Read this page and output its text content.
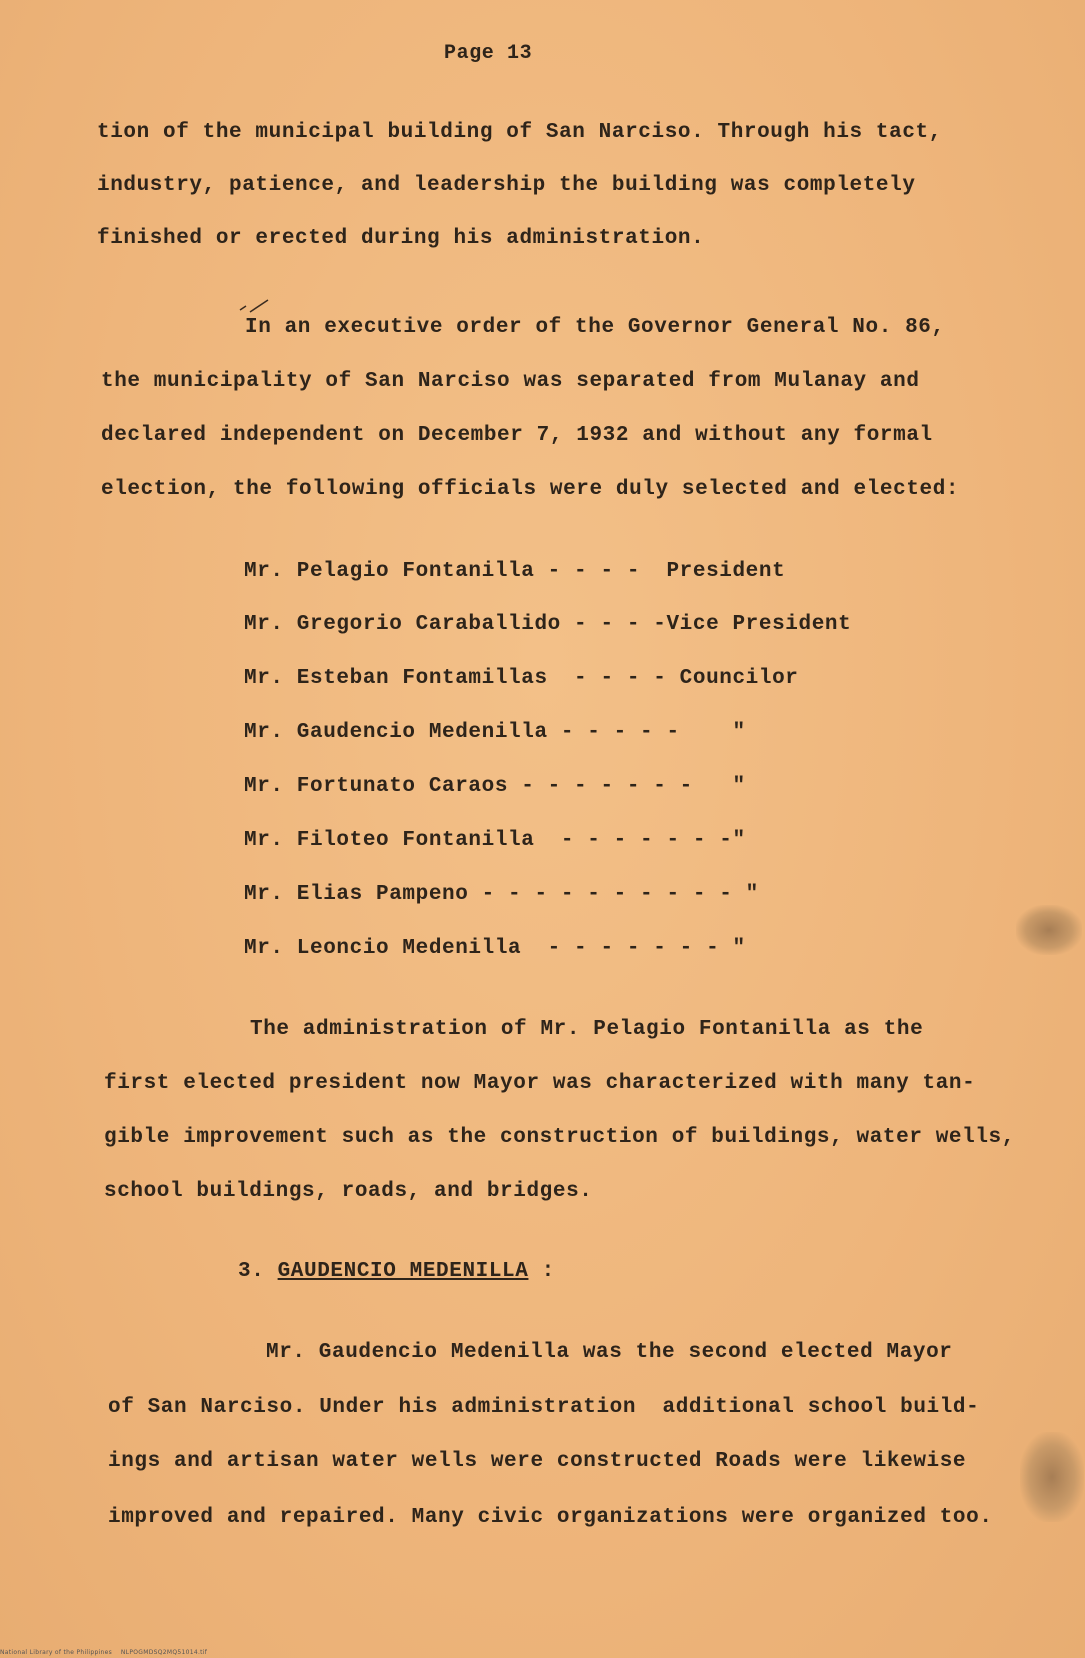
Page 13
tion of the municipal building of San Narciso. Through his tact,
industry, patience, and leadership the building was completely
finished or erected during his administration.
In an executive order of the Governor General No. 86,
the municipality of San Narciso was separated from Mulanay and
declared independent on December 7, 1932 and without any formal
election, the following officials were duly selected and elected:
Mr. Pelagio Fontanilla - - - -  President
Mr. Gregorio Caraballido - - - -Vice President
Mr. Esteban Fontamillas  - - - - Councilor
Mr. Gaudencio Medenilla - - - - -    "
Mr. Fortunato Caraos - - - - - - -   "
Mr. Filoteo Fontanilla  - - - - - - -"
Mr. Elias Pampeno - - - - - - - - - - "
Mr. Leoncio Medenilla  - - - - - - - "
The administration of Mr. Pelagio Fontanilla as the
first elected president now Mayor was characterized with many tan-
gible improvement such as the construction of buildings, water wells,
school buildings, roads, and bridges.
3. GAUDENCIO MEDENILLA :
Mr. Gaudencio Medenilla was the second elected Mayor
of San Narciso. Under his administration  additional school build-
ings and artisan water wells were constructed Roads were likewise
improved and repaired. Many civic organizations were organized too.
National Library of the Philippines    NLPOGMDSQ2MQ51014.tif
